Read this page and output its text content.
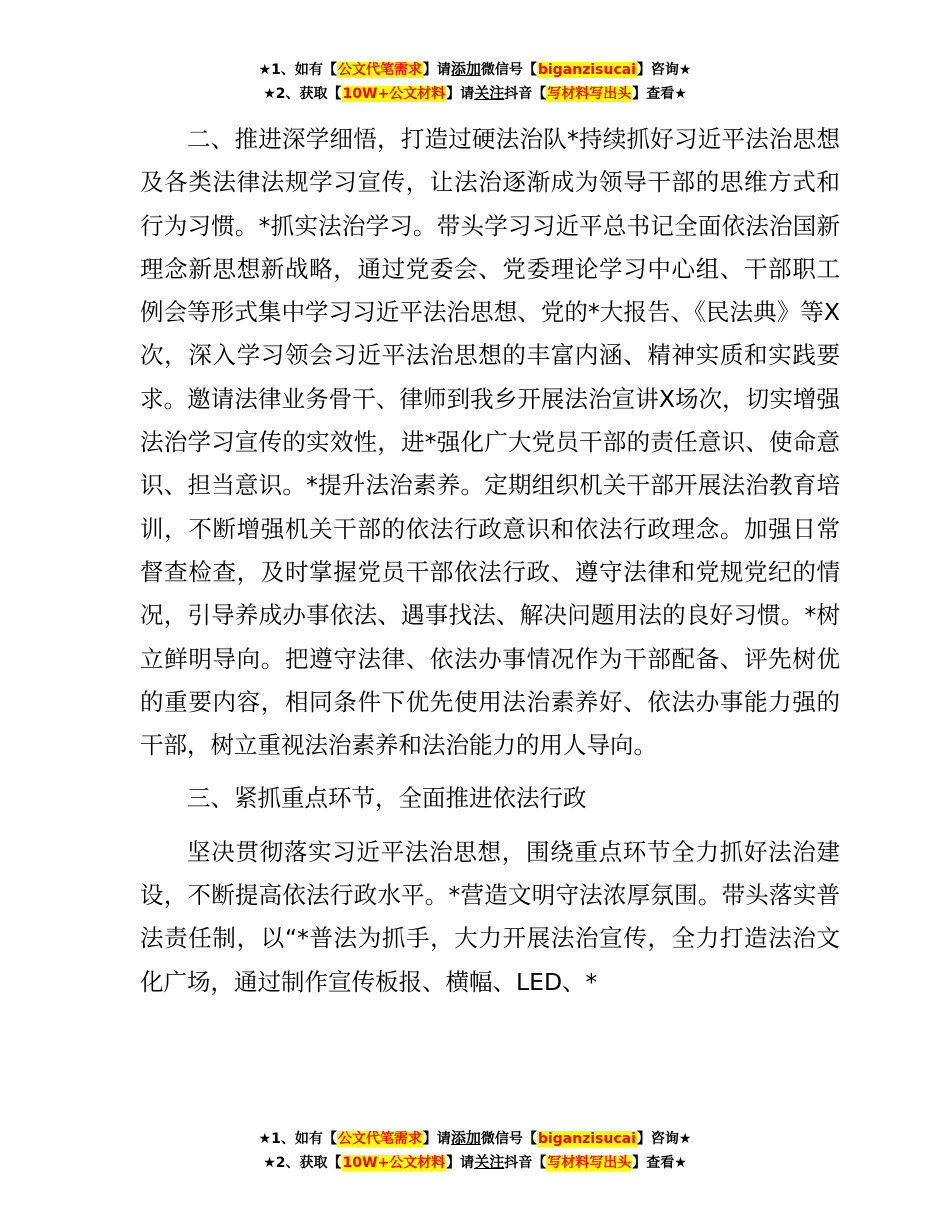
★1、如有【公文代笔需求】请添加微信号【biganzisucai】咨询★
★2、获取【10W+公文材料】请关注抖音【写材料写出头】查看★

二、推进深学细悟，打造过硬法治队*持续抓好习近平法治思想及各类法律法规学习宣传，让法治逐渐成为领导干部的思维方式和行为习惯。*抓实法治学习。带头学习习近平总书记全面依法治国新理念新思想新战略，通过党委会、党委理论学习中心组、干部职工例会等形式集中学习习近平法治思想、党的*大报告、《民法典》等X次，深入学习领会习近平法治思想的丰富内涵、精神实质和实践要求。邀请法律业务骨干、律师到我乡开展法治宣讲X场次，切实增强法治学习宣传的实效性，进*强化广大党员干部的责任意识、使命意识、担当意识。*提升法治素养。定期组织机关干部开展法治教育培训，不断增强机关干部的依法行政意识和依法行政理念。加强日常督查检查，及时掌握党员干部依法行政、遵守法律和党规党纪的情况，引导养成办事依法、遇事找法、解决问题用法的良好习惯。*树立鲜明导向。把遵守法律、依法办事情况作为干部配备、评先树优的重要内容，相同条件下优先使用法治素养好、依法办事能力强的干部，树立重视法治素养和法治能力的用人导向。

三、紧抓重点环节，全面推进依法行政

坚决贯彻落实习近平法治思想，围绕重点环节全力抓好法治建设，不断提高依法行政水平。*营造文明守法浓厚氛围。带头落实普法责任制，以“*普法为抓手，大力开展法治宣传，全力打造法治文化广场，通过制作宣传板报、横幅、LED、*

★1、如有【公文代笔需求】请添加微信号【biganzisucai】咨询★
★2、获取【10W+公文材料】请关注抖音【写材料写出头】查看★
